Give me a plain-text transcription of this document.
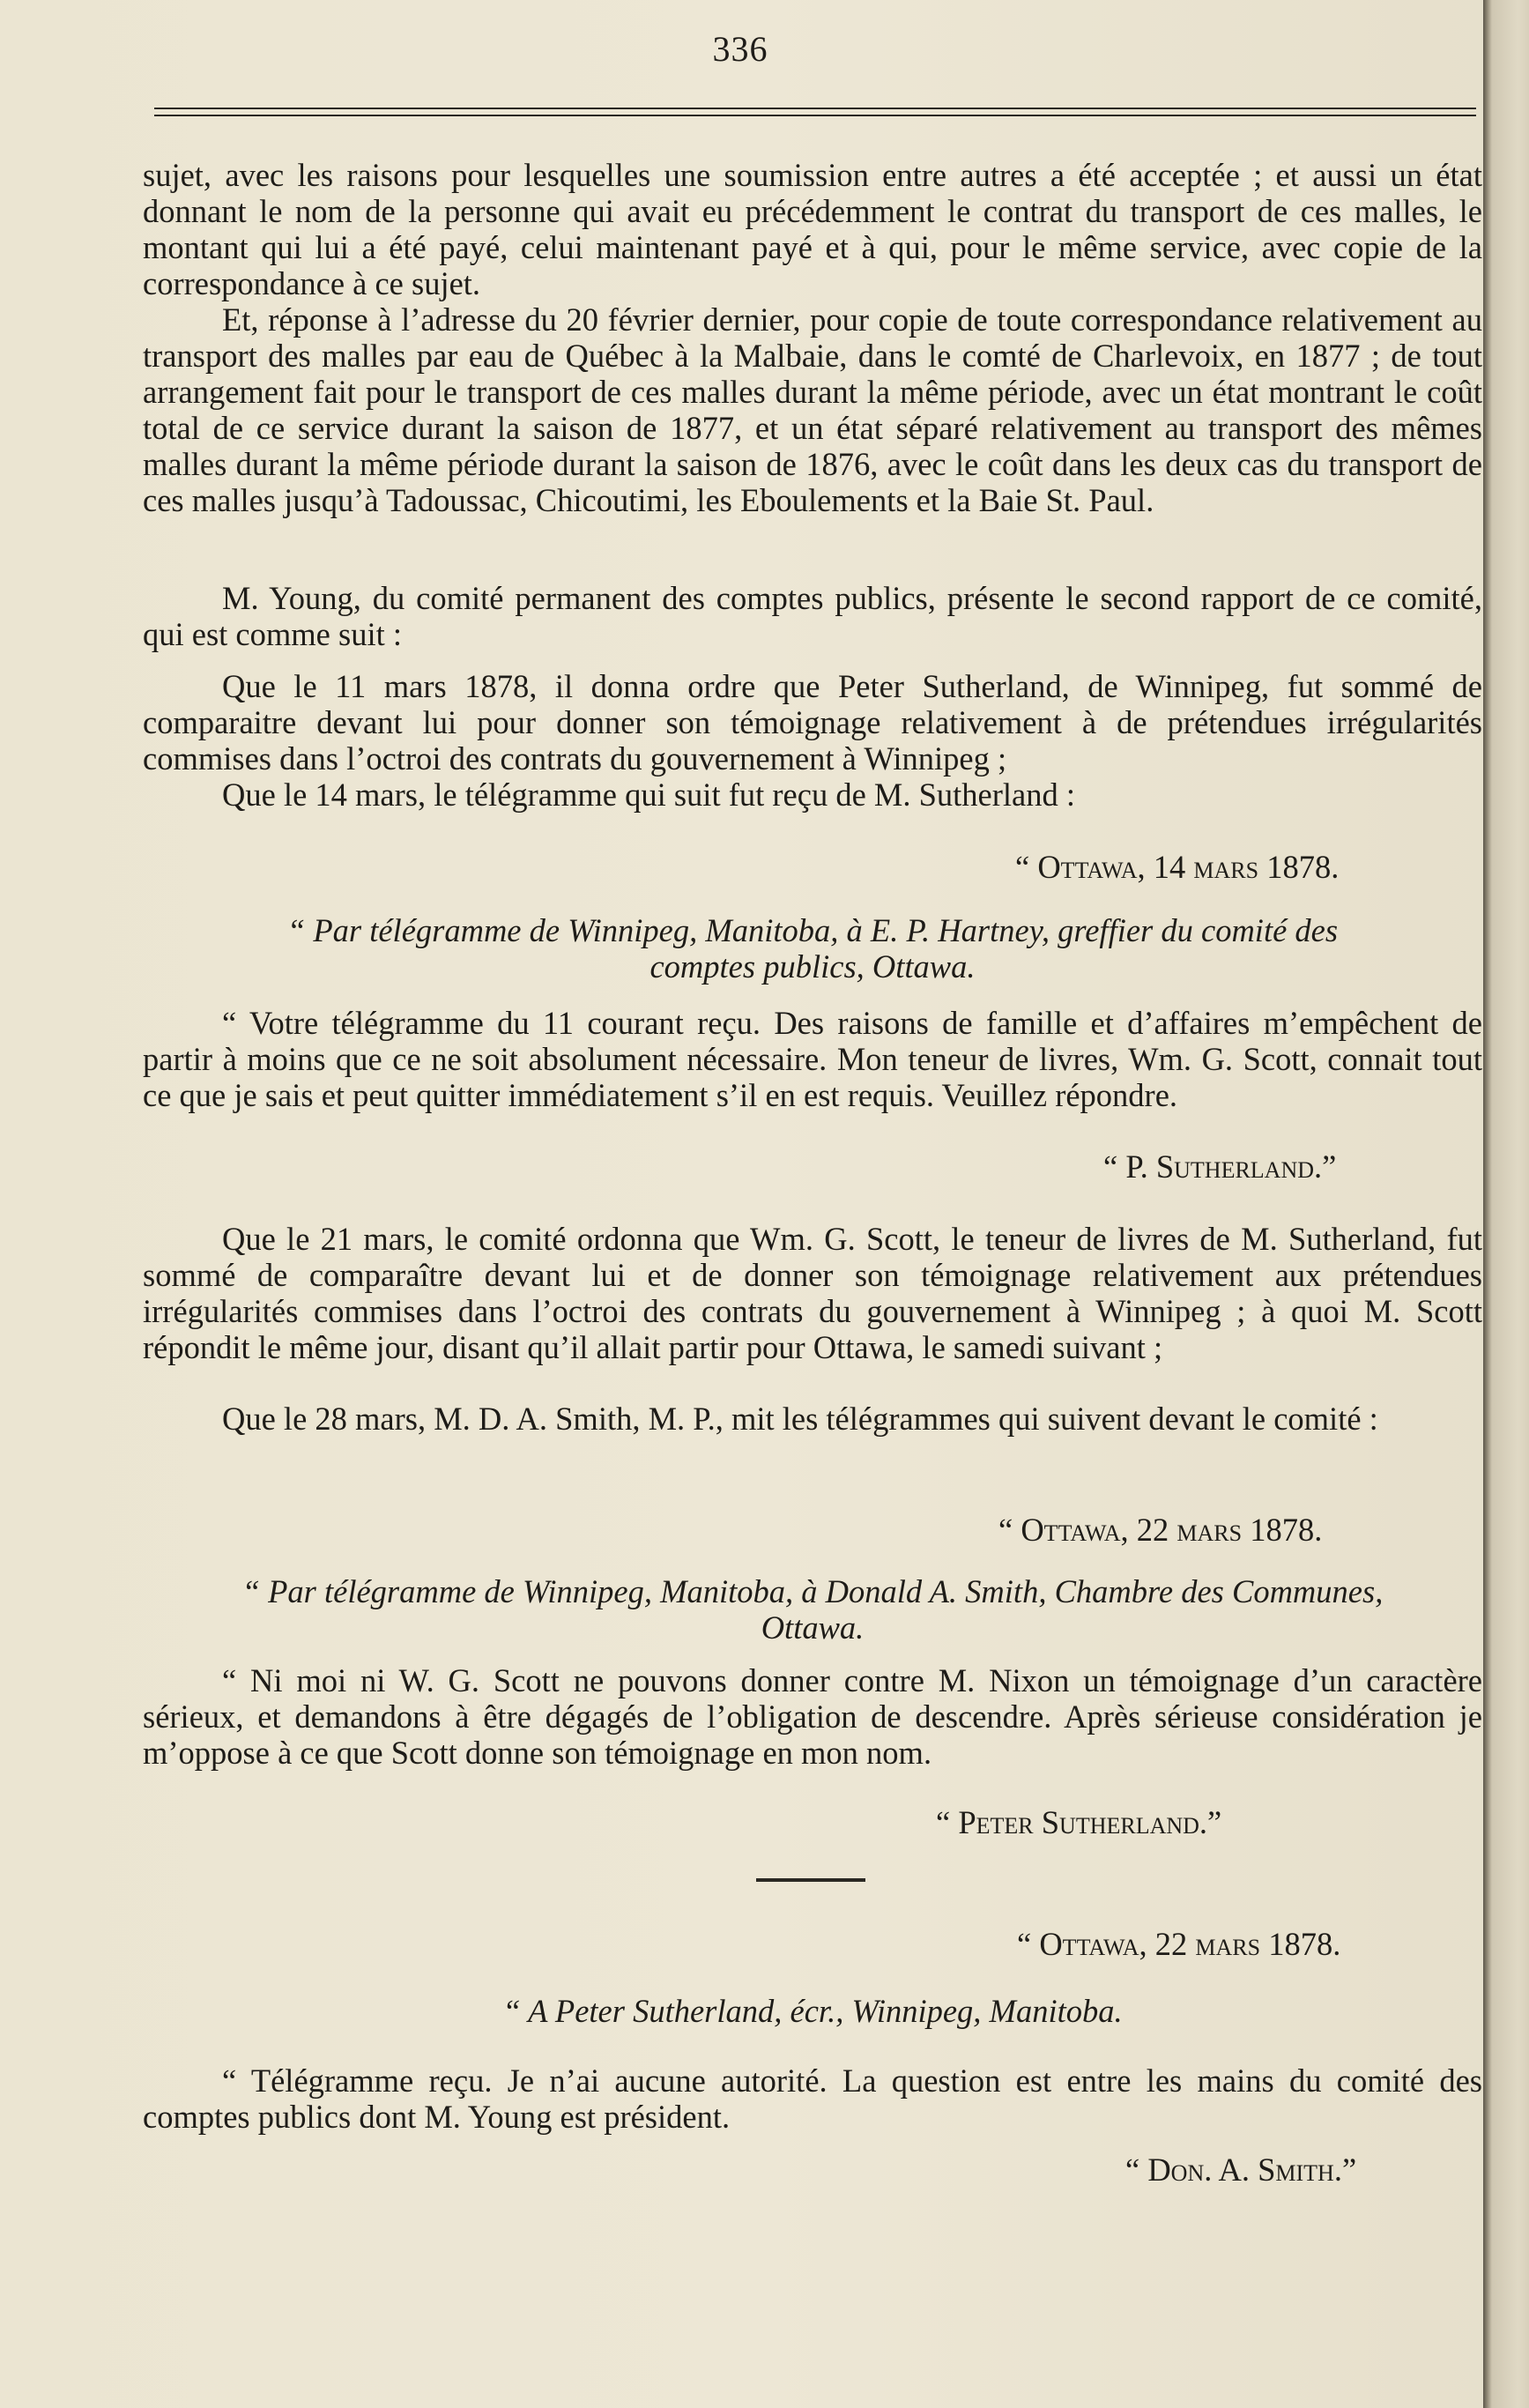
336

sujet, avec les raisons pour lesquelles une soumission entre autres a été acceptée ; et aussi un état donnant le nom de la personne qui avait eu précédemment le contrat du transport de ces malles, le montant qui lui a été payé, celui maintenant payé et à qui, pour le même service, avec copie de la correspondance à ce sujet.

Et, réponse à l’adresse du 20 février dernier, pour copie de toute correspondance relativement au transport des malles par eau de Québec à la Malbaie, dans le comté de Charlevoix, en 1877 ; de tout arrangement fait pour le transport de ces malles durant la même période, avec un état montrant le coût total de ce service durant la saison de 1877, et un état séparé relativement au transport des mêmes malles durant la même période durant la saison de 1876, avec le coût dans les deux cas du transport de ces malles jusqu’à Tadoussac, Chicoutimi, les Eboulements et la Baie St. Paul.

M. Young, du comité permanent des comptes publics, présente le second rapport de ce comité, qui est comme suit :

Que le 11 mars 1878, il donna ordre que Peter Sutherland, de Winnipeg, fut sommé de comparaitre devant lui pour donner son témoignage relativement à de prétendues irrégularités commises dans l’octroi des contrats du gouvernement à Winnipeg ;

Que le 14 mars, le télégramme qui suit fut reçu de M. Sutherland :

“ Ottawa, 14 mars 1878.
“ Par télégramme de Winnipeg, Manitoba, à E. P. Hartney, greffier du comité des
comptes publics, Ottawa.

“ Votre télégramme du 11 courant reçu. Des raisons de famille et d’affaires m’empêchent de partir à moins que ce ne soit absolument nécessaire. Mon teneur de livres, Wm. G. Scott, connait tout ce que je sais et peut quitter immédiatement s’il en est requis. Veuillez répondre.

“ P. Sutherland.”

Que le 21 mars, le comité ordonna que Wm. G. Scott, le teneur de livres de M. Sutherland, fut sommé de comparaître devant lui et de donner son témoignage relativement aux prétendues irrégularités commises dans l’octroi des contrats du gouvernement à Winnipeg ; à quoi M. Scott répondit le même jour, disant qu’il allait partir pour Ottawa, le samedi suivant ;

Que le 28 mars, M. D. A. Smith, M. P., mit les télégrammes qui suivent devant le comité :

“ Ottawa, 22 mars 1878.
“ Par télégramme de Winnipeg, Manitoba, à Donald A. Smith, Chambre des Communes,
Ottawa.

“ Ni moi ni W. G. Scott ne pouvons donner contre M. Nixon un témoignage d’un caractère sérieux, et demandons à être dégagés de l’obligation de descendre. Après sérieuse considération je m’oppose à ce que Scott donne son témoignage en mon nom.

“ Peter Sutherland.”
“ Ottawa, 22 mars 1878.
“ A Peter Sutherland, écr., Winnipeg, Manitoba.

“ Télégramme reçu. Je n’ai aucune autorité. La question est entre les mains du comité des comptes publics dont M. Young est président.

“ Don. A. Smith.”
